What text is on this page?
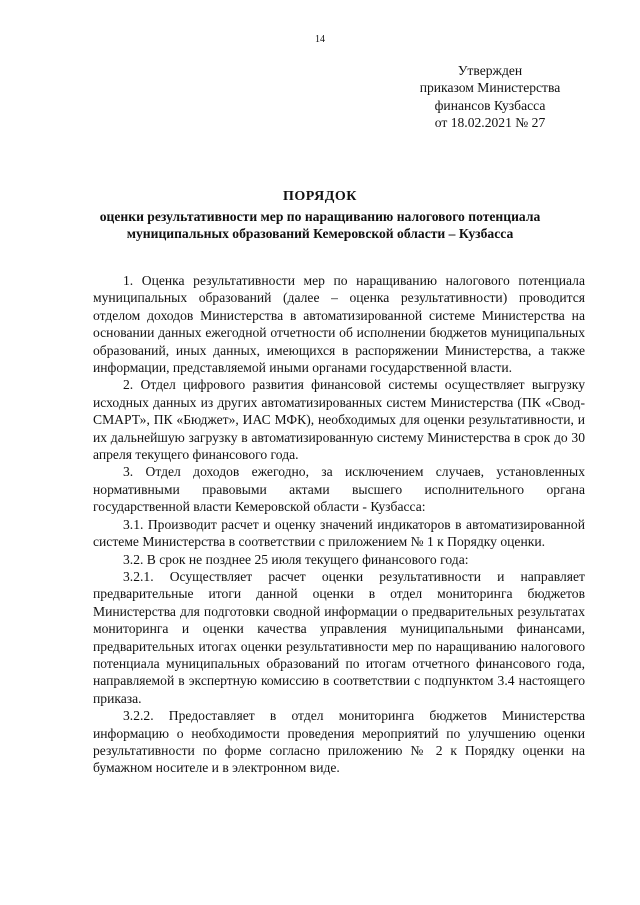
14
Утвержден
приказом Министерства
финансов Кузбасса
от 18.02.2021 № 27
ПОРЯДОК
оценки результативности мер по наращиванию налогового потенциала
муниципальных образований Кемеровской области – Кузбасса

1. Оценка результативности мер по наращиванию налогового потенциала муниципальных образований (далее – оценка результативности) проводится отделом доходов Министерства в автоматизированной системе Министерства на основании данных ежегодной отчетности об исполнении бюджетов муниципальных образований, иных данных, имеющихся в распоряжении Министерства, а также информации, представляемой иными органами государственной власти.

2. Отдел цифрового развития финансовой системы осуществляет выгрузку исходных данных из других автоматизированных систем Министерства (ПК «Свод-СМАРТ», ПК «Бюджет», ИАС МФК), необходимых для оценки результативности, и их дальнейшую загрузку в автоматизированную систему Министерства в срок до 30 апреля текущего финансового года.

3. Отдел доходов ежегодно, за исключением случаев, установленных нормативными правовыми актами высшего исполнительного органа государственной власти Кемеровской области - Кузбасса:

3.1. Производит расчет и оценку значений индикаторов в автоматизированной системе Министерства в соответствии с приложением № 1 к Порядку оценки.

3.2. В срок не позднее 25 июля текущего финансового года:

3.2.1. Осуществляет расчет оценки результативности и направляет предварительные итоги данной оценки в отдел мониторинга бюджетов Министерства для подготовки сводной информации о предварительных результатах мониторинга и оценки качества управления муниципальными финансами, предварительных итогах оценки результативности мер по наращиванию налогового потенциала муниципальных образований по итогам отчетного финансового года, направляемой в экспертную комиссию в соответствии с подпунктом 3.4 настоящего приказа.

3.2.2. Предоставляет в отдел мониторинга бюджетов Министерства информацию о необходимости проведения мероприятий по улучшению оценки результативности по форме согласно приложению № 2 к Порядку оценки на бумажном носителе и в электронном виде.
